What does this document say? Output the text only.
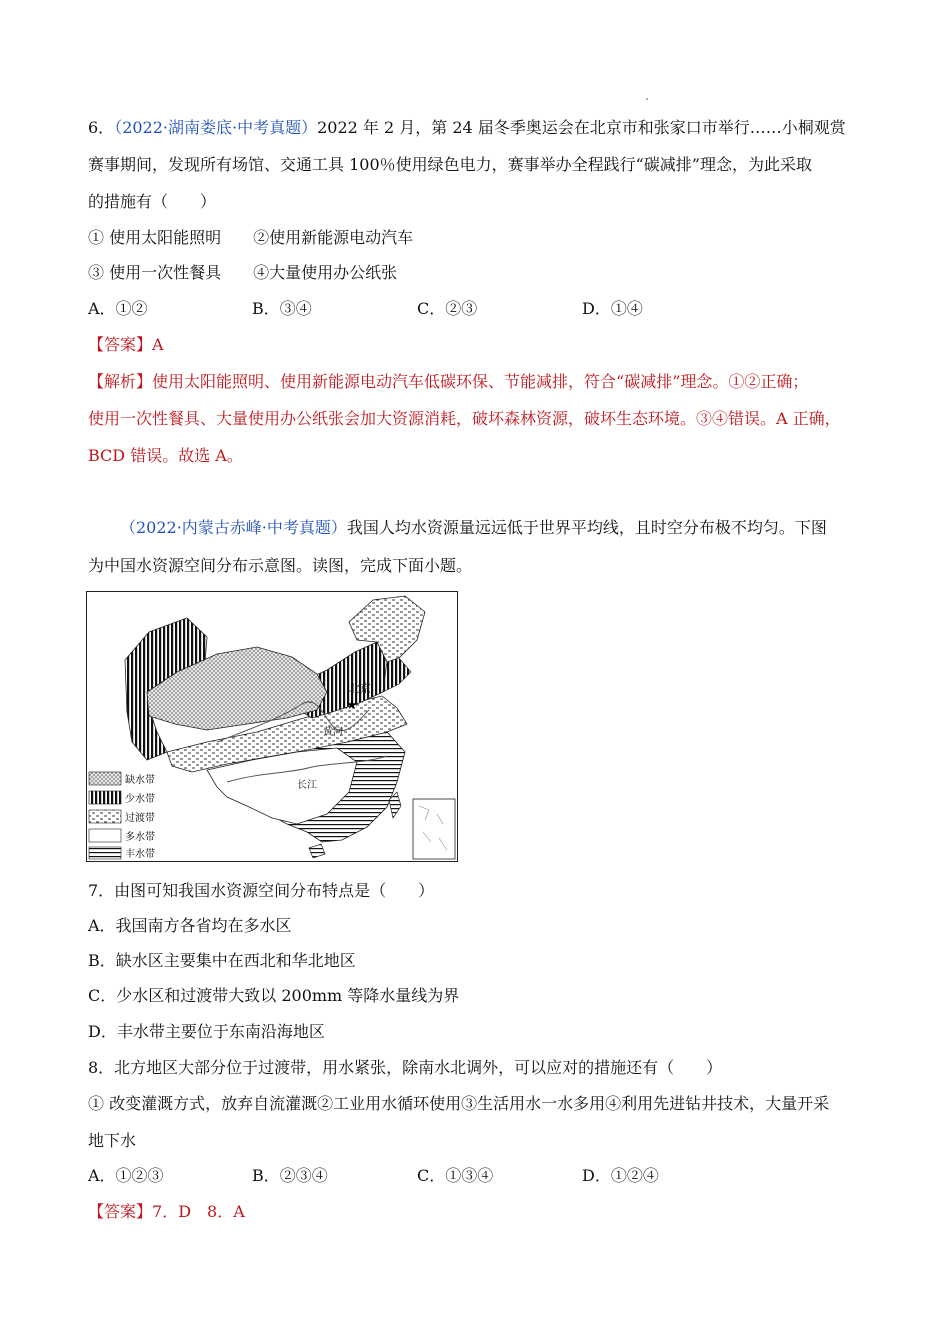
6．（2022·湖南娄底·中考真题）2022 年 2 月，第 24 届冬季奥运会在北京市和张家口市举行……小桐观赏
赛事期间，发现所有场馆、交通工具 100％使用绿色电力，赛事举办全程践行“碳减排”理念，为此采取
的措施有（　　）
① 使用太阳能照明　　②使用新能源电动汽车
③ 使用一次性餐具　　④大量使用办公纸张
A．①②	B．③④	C．②③	D．①④
【答案】A
【解析】使用太阳能照明、使用新能源电动汽车低碳环保、节能减排，符合“碳减排”理念。①②正确；
使用一次性餐具、大量使用办公纸张会加大资源消耗，破坏森林资源，破坏生态环境。③④错误。A 正确，
BCD 错误。故选 A。
（2022·内蒙古赤峰·中考真题）我国人均水资源量远远低于世界平均线，且时空分布极不均匀。下图
为中国水资源空间分布示意图。读图，完成下面小题。
北京
★
黄河
长江
缺水带
少水带
过渡带
多水带
丰水带
7．由图可知我国水资源空间分布特点是（　　）
A．我国南方各省均在多水区
B．缺水区主要集中在西北和华北地区
C．少水区和过渡带大致以 200mm 等降水量线为界
D．丰水带主要位于东南沿海地区
8．北方地区大部分位于过渡带，用水紧张，除南水北调外，可以应对的措施还有（　　）
① 改变灌溉方式，放弃自流灌溉②工业用水循环使用③生活用水一水多用④利用先进钻井技术，大量开采
地下水
A．①②③	B．②③④	C．①③④	D．①②④
【答案】7．D　8．A
